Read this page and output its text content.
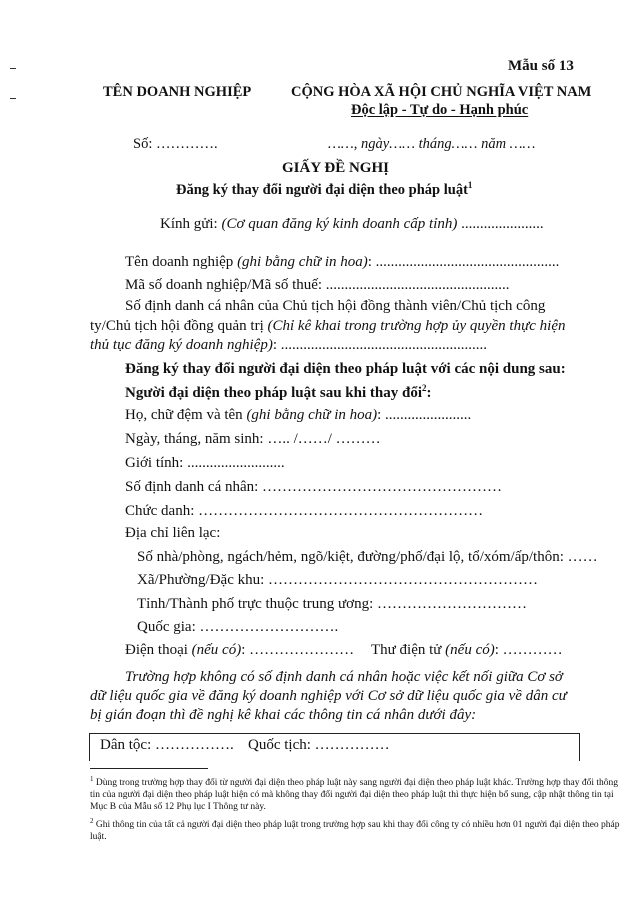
Mẫu số 13
TÊN DOANH NGHIỆP	CỘNG HÒA XÃ HỘI CHỦ NGHĨA VIỆT NAM
Độc lập - Tự do - Hạnh phúc
Số: ………….	……, ngày…… tháng…… năm ……
GIẤY ĐỀ NGHỊ
Đăng ký thay đổi người đại diện theo pháp luật$^1$
Kính gửi: (Cơ quan đăng ký kinh doanh cấp tỉnh) ......................
Tên doanh nghiệp (ghi bằng chữ in hoa): .................................................
Mã số doanh nghiệp/Mã số thuế: .................................................
Số định danh cá nhân của Chủ tịch hội đồng thành viên/Chủ tịch công
ty/Chủ tịch hội đồng quản trị (Chỉ kê khai trong trường hợp ủy quyền thực hiện
thủ tục đăng ký doanh nghiệp): .......................................................
Đăng ký thay đổi người đại diện theo pháp luật với các nội dung sau:
Người đại diện theo pháp luật sau khi thay đổi$^2$:
Họ, chữ đệm và tên (ghi bằng chữ in hoa): .......................
Ngày, tháng, năm sinh: ….. /……/ ………
Giới tính: ..........................
Số định danh cá nhân: …………………………………………
Chức danh: …………………………………………………
Địa chỉ liên lạc:
Số nhà/phòng, ngách/hẻm, ngõ/kiệt, đường/phố/đại lộ, tổ/xóm/ấp/thôn: ……
Xã/Phường/Đặc khu: ………………………………………………
Tỉnh/Thành phố trực thuộc trung ương: …………………………
Quốc gia: ……………………….
Điện thoại (nếu có): ………………… Thư điện tử (nếu có): …………
Trường hợp không có số định danh cá nhân hoặc việc kết nối giữa Cơ sở
dữ liệu quốc gia về đăng ký doanh nghiệp với Cơ sở dữ liệu quốc gia về dân cư
bị gián đoạn thì đề nghị kê khai các thông tin cá nhân dưới đây:
Dân tộc: ……………. Quốc tịch: ……………
$^1$ Dùng trong trường hợp thay đổi từ người đại diện theo pháp luật này sang người đại diện theo pháp luật khác. Trường hợp thay đổi thông tin của người đại diện theo pháp luật hiện có mà không thay đổi người đại diện theo pháp luật thì thực hiện bổ sung, cập nhật thông tin tại Mục B của Mẫu số 12 Phụ lục I Thông tư này.
$^2$ Ghi thông tin của tất cả người đại diện theo pháp luật trong trường hợp sau khi thay đổi công ty có nhiều hơn 01 người đại diện theo pháp luật.
